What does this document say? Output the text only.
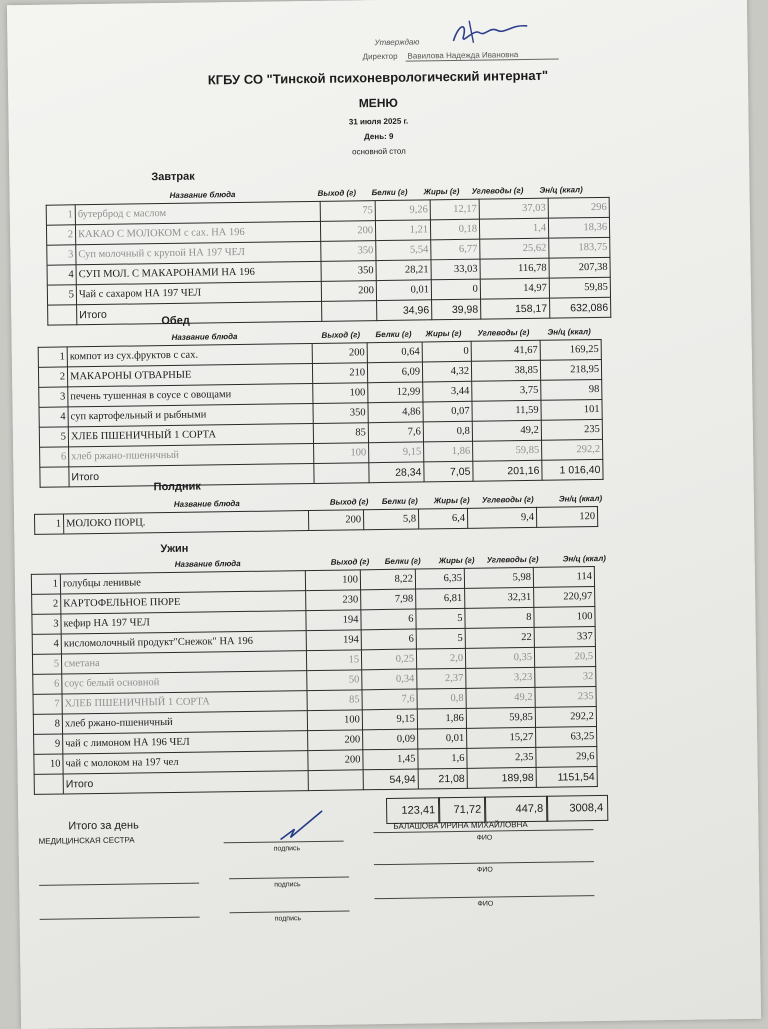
Утверждаю
Директор Вавилова Надежда Ивановна
КГБУ СО "Тинской психоневрологический интернат"
МЕНЮ
31 июля 2025 г.
День: 9
основной стол
Завтрак
Название блюда	Выход (г) Белки (г) Жиры (г) Углеводы (г) Эн/ц (ккал)
1	бутерброд с маслом	75	9,26	12,17	37,03	296
2	КАКАО С МОЛОКОМ с сах. НА 196	200	1,21	0,18	1,4	18,36
3	Суп молочный с крупой НА 197 ЧЕЛ	350	5,54	6,77	25,62	183,75
4	СУП МОЛ. С МАКАРОНАМИ НА 196	350	28,21	33,03	116,78	207,38
5	Чай с сахаром НА 197 ЧЕЛ	200	0,01	0	14,97	59,85
	Итого		34,96	39,98	158,17	632,086
Обед
Название блюда	Выход (г) Белки (г) Жиры (г) Углеводы (г) Эн/ц (ккал)
1	компот из сух.фруктов с сах.	200	0,64	0	41,67	169,25
2	МАКАРОНЫ ОТВАРНЫЕ	210	6,09	4,32	38,85	218,95
3	печень тушенная в соусе с овощами	100	12,99	3,44	3,75	98
4	суп картофельный и рыбными	350	4,86	0,07	11,59	101
5	ХЛЕБ ПШЕНИЧНЫЙ 1 СОРТА	85	7,6	0,8	49,2	235
6	хлеб ржано-пшеничный	100	9,15	1,86	59,85	292,2
	Итого		28,34	7,05	201,16	1 016,40
Полдник
Название блюда	Выход (г) Белки (г) Жиры (г) Углеводы (г)	Эн/ц (ккал)
1	МОЛОКО ПОРЦ.	200	5,8	6,4	9,4	120
Ужин
Название блюда	Выход (г) Белки (г) Жиры (г) Углеводы (г)	Эн/ц (ккал)
1	голубцы ленивые	100	8,22	6,35	5,98	114
2	КАРТОФЕЛЬНОЕ ПЮРЕ	230	7,98	6,81	32,31	220,97
3	кефир НА 197 ЧЕЛ	194	6	5	8	100
4	кисломолочный продукт"Снежок" НА 196	194	6	5	22	337
5	сметана	15	0,25	2,0	0,35	20,5
6	соус белый основной	50	0,34	2,37	3,23	32
7	ХЛЕБ ПШЕНИЧНЫЙ 1 СОРТА	85	7,6	0,8	49,2	235
8	хлеб ржано-пшеничный	100	9,15	1,86	59,85	292,2
9	чай с лимоном НА 196 ЧЕЛ	200	0,09	0,01	15,27	63,25
10	чай с молоком на 197 чел	200	1,45	1,6	2,35	29,6
	Итого		54,94	21,08	189,98	1151,54
Итого за день
123,41	71,72	447,8	3008,4
МЕДИЦИНСКАЯ СЕСТРА
БАЛАШОВА ИРИНА МИХАЙЛОВНА
подпись
ФИО
подпись
ФИО
подпись
ФИО
